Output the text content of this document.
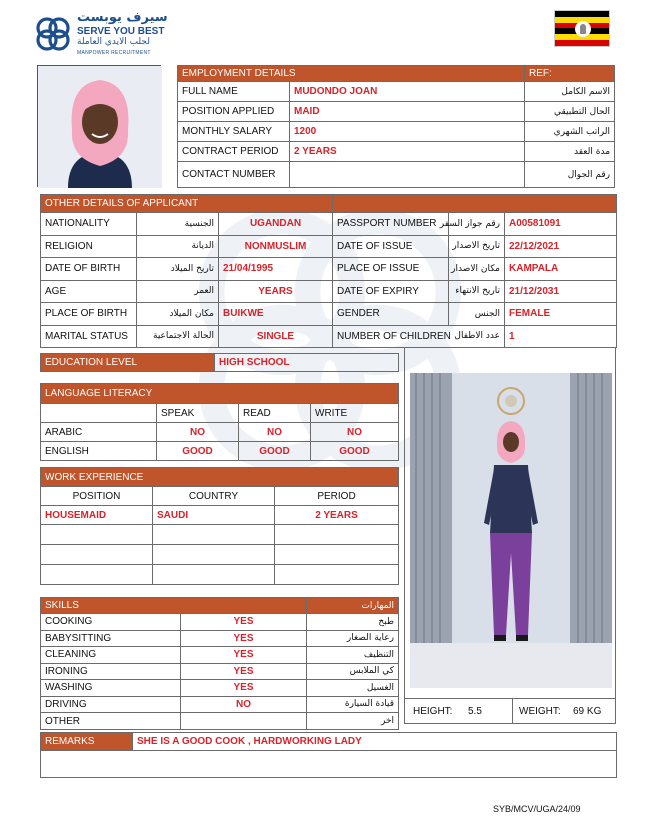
سيرف يوبست
SERVE YOU BEST
لجلب الايدي العاملة
MANPOWER RECRUITMENT
EMPLOYMENT DETAILS		REF:
FULL NAME	MUDONDO JOAN	الاسم الكامل
POSITION APPLIED	MAID	الحال التطبيقي
MONTHLY SALARY	1200	الراتب الشهري
CONTRACT PERIOD	2 YEARS	مدة العقد
CONTACT NUMBER		رقم الجوال
OTHER DETAILS OF APPLICANT					
NATIONALITY	الجنسية	UGANDAN	PASSPORT NUMBER	رقم جواز السفر	A00581091
RELIGION	الديانة	NONMUSLIM	DATE OF ISSUE	تاريخ الاصدار	22/12/2021
DATE OF BIRTH	تاريخ الميلاد	21/04/1995	PLACE OF ISSUE	مكان الاصدار	KAMPALA
AGE	العمر	YEARS	DATE OF EXPIRY	تاريخ الانتهاء	21/12/2031
PLACE OF BIRTH	مكان الميلاد	BUIKWE	GENDER	الجنس	FEMALE
MARITAL STATUS	الحالة الاجتماعية	SINGLE	NUMBER OF CHILDREN عدد الاطفال		1
EDUCATION LEVEL	HIGH SCHOOL
LANGUAGE LITERACY			
	SPEAK	READ	WRITE
ARABIC	NO	NO	NO
ENGLISH	GOOD	GOOD	GOOD
WORK EXPERIENCE		
POSITION	COUNTRY	PERIOD
HOUSEMAID	SAUDI	2 YEARS

SKILLS		المهارات
COOKING	YES	طبخ
BABYSITTING	YES	رعاية الصغار
CLEANING	YES	التنظيف
IRONING	YES	كي الملابس
WASHING	YES	الغسيل
DRIVING	NO	قيادة السيارة
OTHER		اخر
HEIGHT: 5.5	WEIGHT: 69 KG
REMARKS	SHE IS A GOOD COOK , HARDWORKING LADY

SYB/MCV/UGA/24/09
